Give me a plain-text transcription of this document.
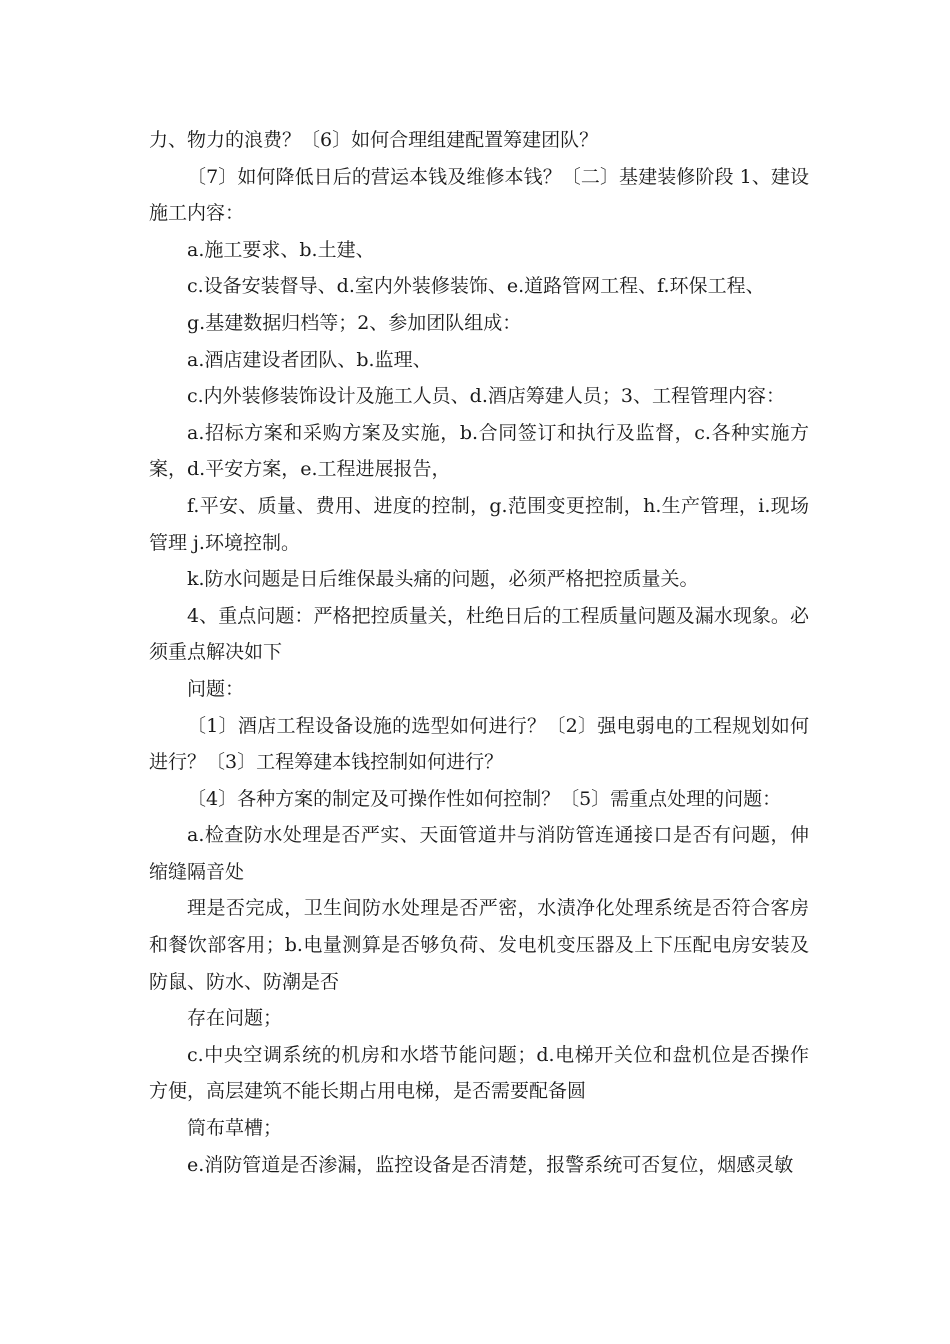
力、物力的浪费？〔6〕如何合理组建配置筹建团队？

〔7〕如何降低日后的营运本钱及维修本钱？〔二〕基建装修阶段 1、建设施工内容：

a.施工要求、b.土建、

c.设备安装督导、d.室内外装修装饰、e.道路管网工程、f.环保工程、

g.基建数据归档等；2、参加团队组成：

a.酒店建设者团队、b.监理、

c.内外装修装饰设计及施工人员、d.酒店筹建人员；3、工程管理内容：

a.招标方案和采购方案及实施，b.合同签订和执行及监督，c.各种实施方案，d.平安方案，e.工程进展报告，

f.平安、质量、费用、进度的控制，g.范围变更控制，h.生产管理，i.现场管理 j.环境控制。

k.防水问题是日后维保最头痛的问题，必须严格把控质量关。

4、重点问题：严格把控质量关，杜绝日后的工程质量问题及漏水现象。必须重点解决如下

问题：

〔1〕酒店工程设备设施的选型如何进行？〔2〕强电弱电的工程规划如何进行？〔3〕工程筹建本钱控制如何进行？

〔4〕各种方案的制定及可操作性如何控制？〔5〕需重点处理的问题：

a.检查防水处理是否严实、天面管道井与消防管连通接口是否有问题，伸缩缝隔音处

理是否完成，卫生间防水处理是否严密，水渍净化处理系统是否符合客房和餐饮部客用；b.电量测算是否够负荷、发电机变压器及上下压配电房安装及防鼠、防水、防潮是否

存在问题；

c.中央空调系统的机房和水塔节能问题；d.电梯开关位和盘机位是否操作方便，高层建筑不能长期占用电梯，是否需要配备圆

筒布草槽；

e.消防管道是否渗漏，监控设备是否清楚，报警系统可否复位，烟感灵敏
